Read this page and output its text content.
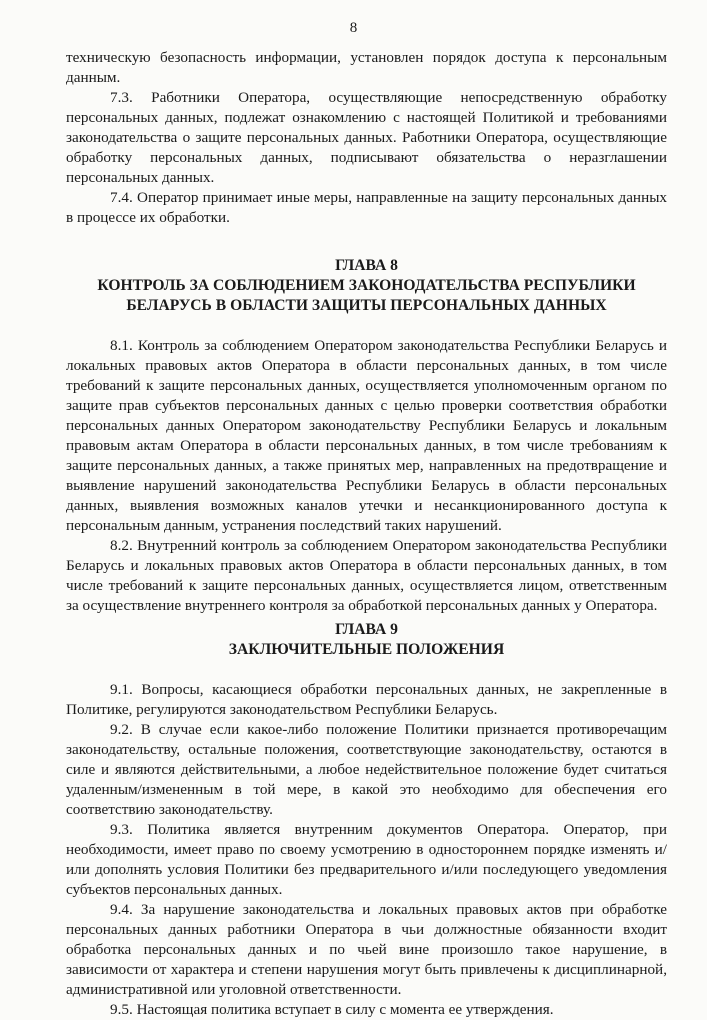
8

техническую безопасность информации, установлен порядок доступа к персональным данным.

7.3. Работники Оператора, осуществляющие непосредственную обработку персональных данных, подлежат ознакомлению с настоящей Политикой и требованиями законодательства о защите персональных данных. Работники Оператора, осуществляющие обработку персональных данных, подписывают обязательства о неразглашении персональных данных.

7.4. Оператор принимает иные меры, направленные на защиту персональных данных в процессе их обработки.

ГЛАВА 8
КОНТРОЛЬ ЗА СОБЛЮДЕНИЕМ ЗАКОНОДАТЕЛЬСТВА РЕСПУБЛИКИ
БЕЛАРУСЬ В ОБЛАСТИ ЗАЩИТЫ ПЕРСОНАЛЬНЫХ ДАННЫХ

8.1. Контроль за соблюдением Оператором законодательства Республики Беларусь и локальных правовых актов Оператора в области персональных данных, в том числе требований к защите персональных данных, осуществляется уполномоченным органом по защите прав субъектов персональных данных с целью проверки соответствия обработки персональных данных Оператором законодательству Республики Беларусь и локальным правовым актам Оператора в области персональных данных, в том числе требованиям к защите персональных данных, а также принятых мер, направленных на предотвращение и выявление нарушений законодательства Республики Беларусь в области персональных данных, выявления возможных каналов утечки и несанкционированного доступа к персональным данным, устранения последствий таких нарушений.

8.2. Внутренний контроль за соблюдением Оператором законодательства Республики Беларусь и локальных правовых актов Оператора в области персональных данных, в том числе требований к защите персональных данных, осуществляется лицом, ответственным за осуществление внутреннего контроля за обработкой персональных данных у Оператора.

ГЛАВА 9
ЗАКЛЮЧИТЕЛЬНЫЕ ПОЛОЖЕНИЯ

9.1. Вопросы, касающиеся обработки персональных данных, не закрепленные в Политике, регулируются законодательством Республики Беларусь.

9.2. В случае если какое-либо положение Политики признается противоречащим законодательству, остальные положения, соответствующие законодательству, остаются в силе и являются действительными, а любое недействительное положение будет считаться удаленным/измененным в той мере, в какой это необходимо для обеспечения его соответствию законодательству.

9.3. Политика является внутренним документов Оператора. Оператор, при необходимости, имеет право по своему усмотрению в одностороннем порядке изменять и/или дополнять условия Политики без предварительного и/или последующего уведомления субъектов персональных данных.

9.4. За нарушение законодательства и локальных правовых актов при обработке персональных данных работники Оператора в чьи должностные обязанности входит обработка персональных данных и по чьей вине произошло такое нарушение, в зависимости от характера и степени нарушения могут быть привлечены к дисциплинарной, административной или уголовной ответственности.

9.5. Настоящая политика вступает в силу с момента ее утверждения.
